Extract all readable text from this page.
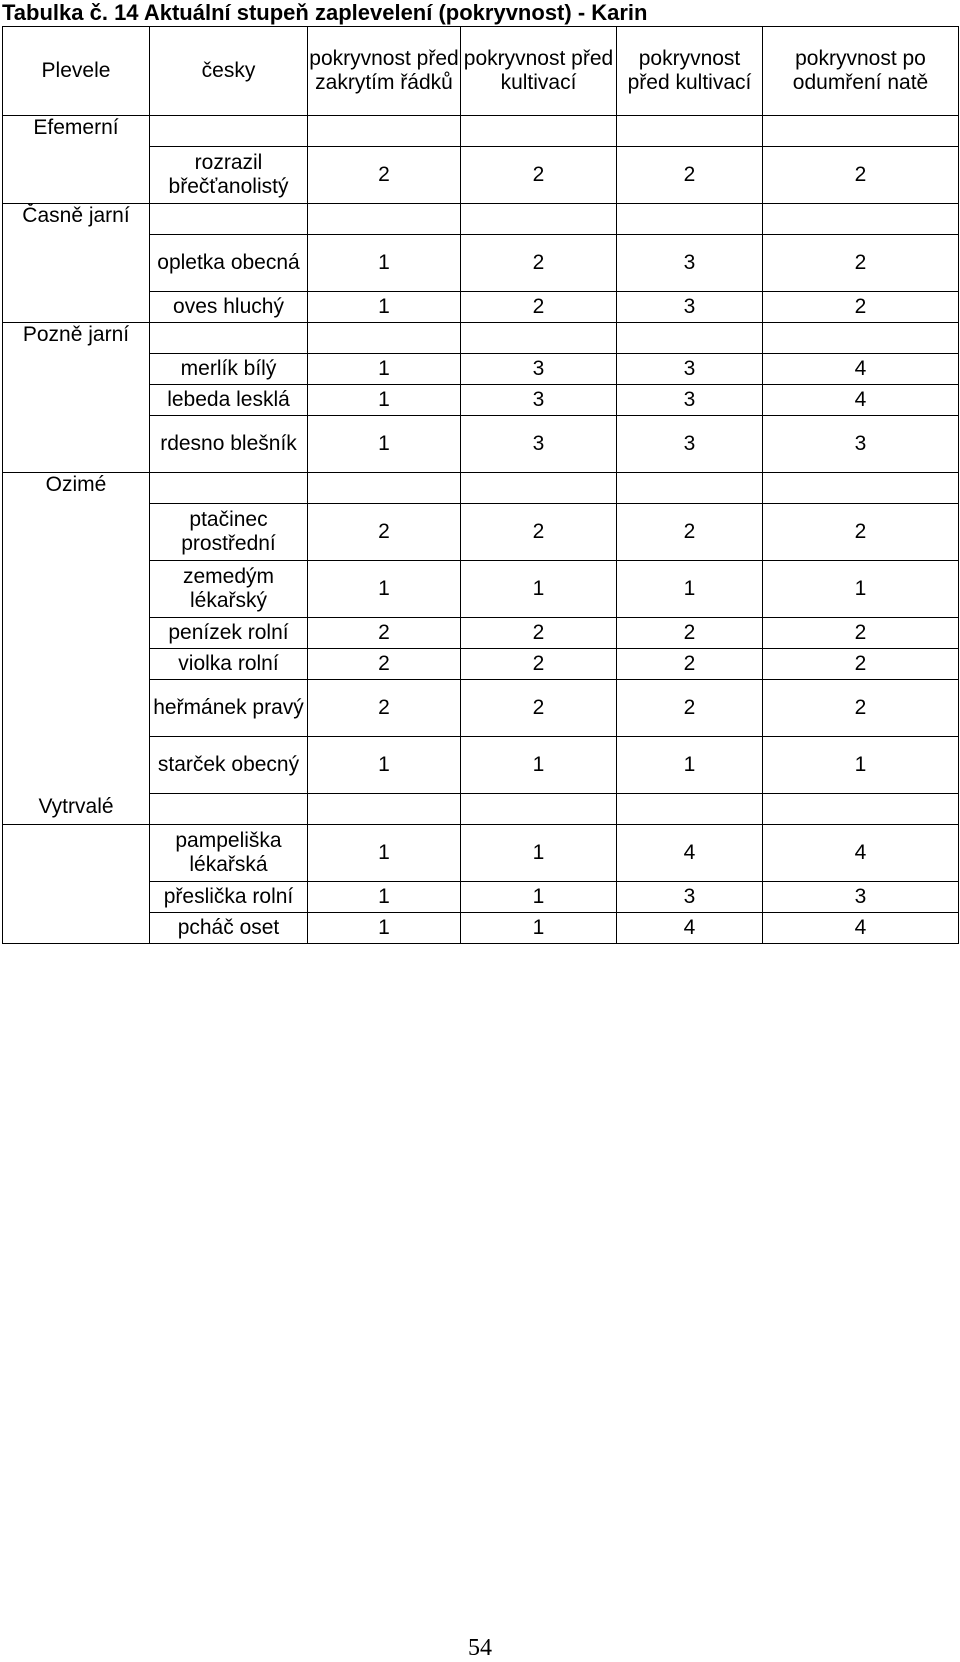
Tabulka č. 14 Aktuální stupeň zaplevelení (pokryvnost) - Karin
Plevele	česky	pokryvnost před zakrytím řádků	pokryvnost před kultivací	pokryvnost před kultivací	pokryvnost po odumření natě
Efemerní					
	rozrazil břečťanolistý	2	2	2	2
Časně jarní					
	opletka obecná	1	2	3	2
	oves hluchý	1	2	3	2
Pozně jarní					
	merlík bílý	1	3	3	4
	lebeda lesklá	1	3	3	4
	rdesno blešník	1	3	3	3
Ozimé					
	ptačinec prostřední	2	2	2	2
	zemedým lékařský	1	1	1	1
	penízek rolní	2	2	2	2
	violka rolní	2	2	2	2
	heřmánek pravý	2	2	2	2
	starček obecný	1	1	1	1

Vytrvalé	pampeliška lékařská	1	1	4	4
	přeslička rolní	1	1	3	3
	pcháč oset	1	1	4	4
54
